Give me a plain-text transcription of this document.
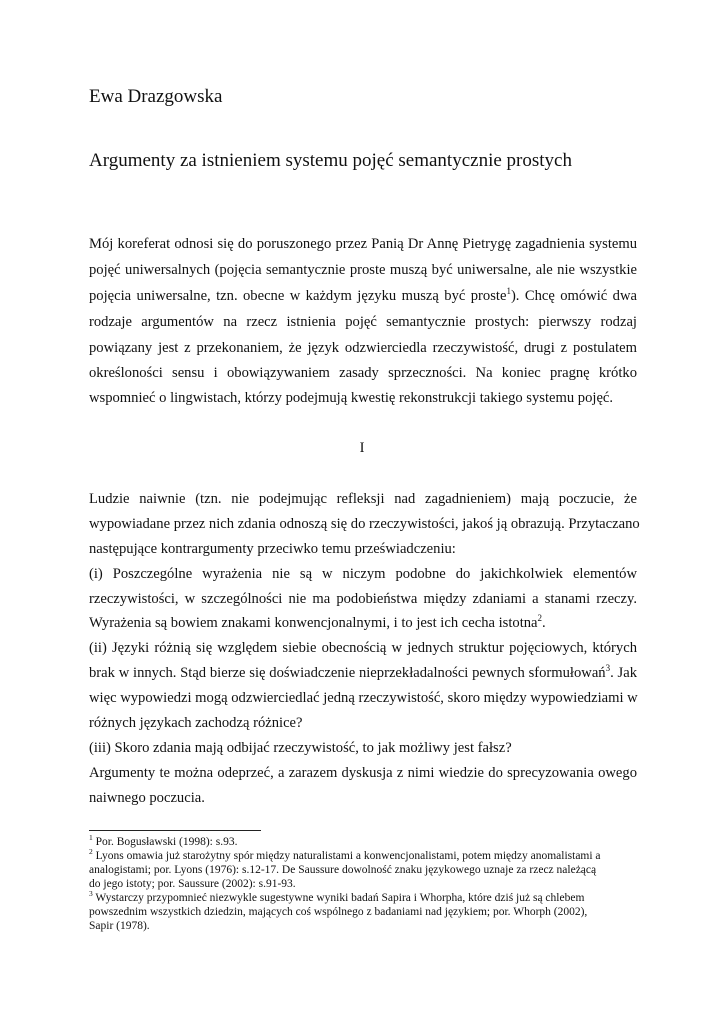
Ewa Drazgowska
Argumenty za istnieniem systemu pojęć semantycznie prostych
Mój koreferat odnosi się do poruszonego przez Panią Dr Annę Pietrygę zagadnienia systemu
pojęć uniwersalnych (pojęcia semantycznie proste muszą być uniwersalne, ale nie wszystkie
pojęcia uniwersalne, tzn. obecne w każdym języku muszą być proste$^1$). Chcę omówić dwa
rodzaje argumentów na rzecz istnienia pojęć semantycznie prostych: pierwszy rodzaj
powiązany jest z przekonaniem, że język odzwierciedla rzeczywistość, drugi z postulatem
określoności sensu i obowiązywaniem zasady sprzeczności. Na koniec pragnę krótko
wspomnieć o lingwistach, którzy podejmują kwestię rekonstrukcji takiego systemu pojęć.
I
Ludzie naiwnie (tzn. nie podejmując refleksji nad zagadnieniem) mają poczucie, że
wypowiadane przez nich zdania odnoszą się do rzeczywistości, jakoś ją obrazują. Przytaczano
następujące kontrargumenty przeciwko temu przeświadczeniu:
(i) Poszczególne wyrażenia nie są w niczym podobne do jakichkolwiek elementów
rzeczywistości, w szczególności nie ma podobieństwa między zdaniami a stanami rzeczy.
Wyrażenia są bowiem znakami konwencjonalnymi, i to jest ich cecha istotna$^2$.
(ii) Języki różnią się względem siebie obecnością w jednych struktur pojęciowych, których
brak w innych. Stąd bierze się doświadczenie nieprzekładalności pewnych sformułowań$^3$. Jak
więc wypowiedzi mogą odzwierciedlać jedną rzeczywistość, skoro między wypowiedziami w
różnych językach zachodzą różnice?
(iii) Skoro zdania mają odbijać rzeczywistość, to jak możliwy jest fałsz?
Argumenty te można odeprzeć, a zarazem dyskusja z nimi wiedzie do sprecyzowania owego
naiwnego poczucia.
$^1$ Por. Bogusławski (1998): s.93.
$^2$ Lyons omawia już starożytny spór między naturalistami a konwencjonalistami, potem między anomalistami a
analogistami; por. Lyons (1976): s.12-17. De Saussure dowolność znaku językowego uznaje za rzecz należącą
do jego istoty; por. Saussure (2002): s.91-93.
$^3$ Wystarczy przypomnieć niezwykle sugestywne wyniki badań Sapira i Whorpha, które dziś już są chlebem
powszednim wszystkich dziedzin, mających coś wspólnego z badaniami nad językiem; por. Whorph (2002),
Sapir (1978).
